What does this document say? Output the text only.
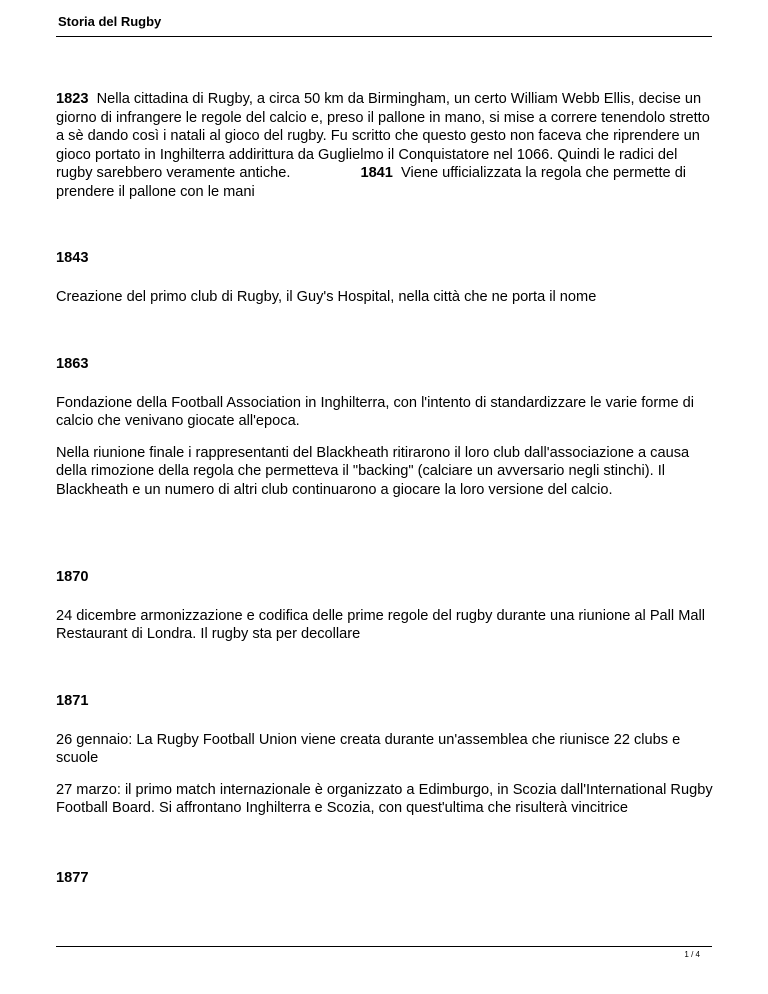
Storia del Rugby

1823 Nella cittadina di Rugby, a circa 50 km da Birmingham, un certo William Webb Ellis, decise un giorno di infrangere le regole del calcio e, preso il pallone in mano, si mise a correre tenendolo stretto a sè dando così i natali al gioco del rugby. Fu scritto che questo gesto non faceva che riprendere un gioco portato in Inghilterra addirittura da Guglielmo il Conquistatore nel 1066. Quindi le radici del rugby sarebbero veramente antiche.	1841 Viene ufficializzata la regola che permette di prendere il pallone con le mani

1843

Creazione del primo club di Rugby, il Guy's Hospital, nella città che ne porta il nome

1863

Fondazione della Football Association in Inghilterra, con l'intento di standardizzare le varie forme di calcio che venivano giocate all'epoca.

Nella riunione finale i rappresentanti del Blackheath ritirarono il loro club dall'associazione a causa della rimozione della regola che permetteva il "backing" (calciare un avversario negli stinchi). Il Blackheath e un numero di altri club continuarono a giocare la loro versione del calcio.

1870

24 dicembre armonizzazione e codifica delle prime regole del rugby durante una riunione al Pall Mall Restaurant di Londra. Il rugby sta per decollare

1871

26 gennaio: La Rugby Football Union viene creata durante un'assemblea che riunisce 22 clubs e scuole

27 marzo: il primo match internazionale è organizzato a Edimburgo, in Scozia dall'International Rugby Football Board. Si affrontano Inghilterra e Scozia, con quest'ultima che risulterà vincitrice

1877

1 / 4
